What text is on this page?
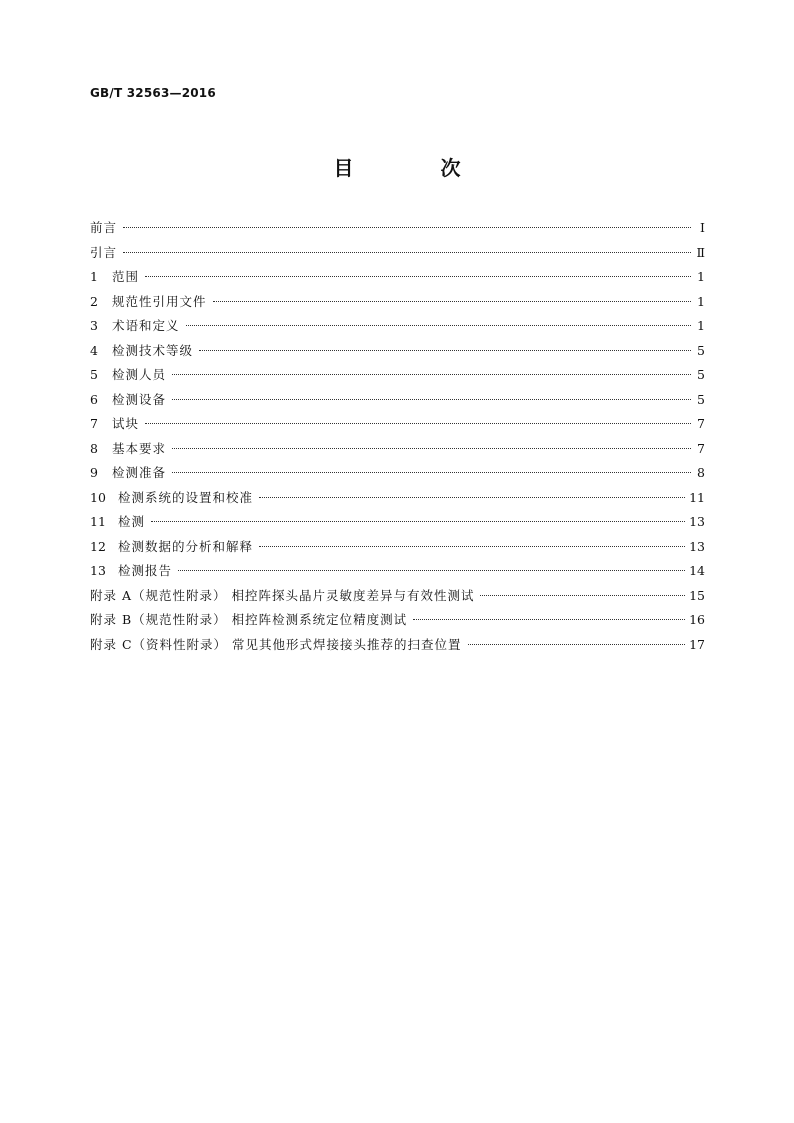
GB/T 32563—2016
目 次
前言	Ⅰ
引言	Ⅱ
1	范围	1
2	规范性引用文件	1
3	术语和定义	1
4	检测技术等级	5
5	检测人员	5
6	检测设备	5
7	试块	7
8	基本要求	7
9	检测准备	8
10 检测系统的设置和校准	11
11 检测	13
12 检测数据的分析和解释	13
13 检测报告	14
附录 A（规范性附录） 相控阵探头晶片灵敏度差异与有效性测试	15
附录 B（规范性附录） 相控阵检测系统定位精度测试	16
附录 C（资料性附录） 常见其他形式焊接接头推荐的扫查位置	17
